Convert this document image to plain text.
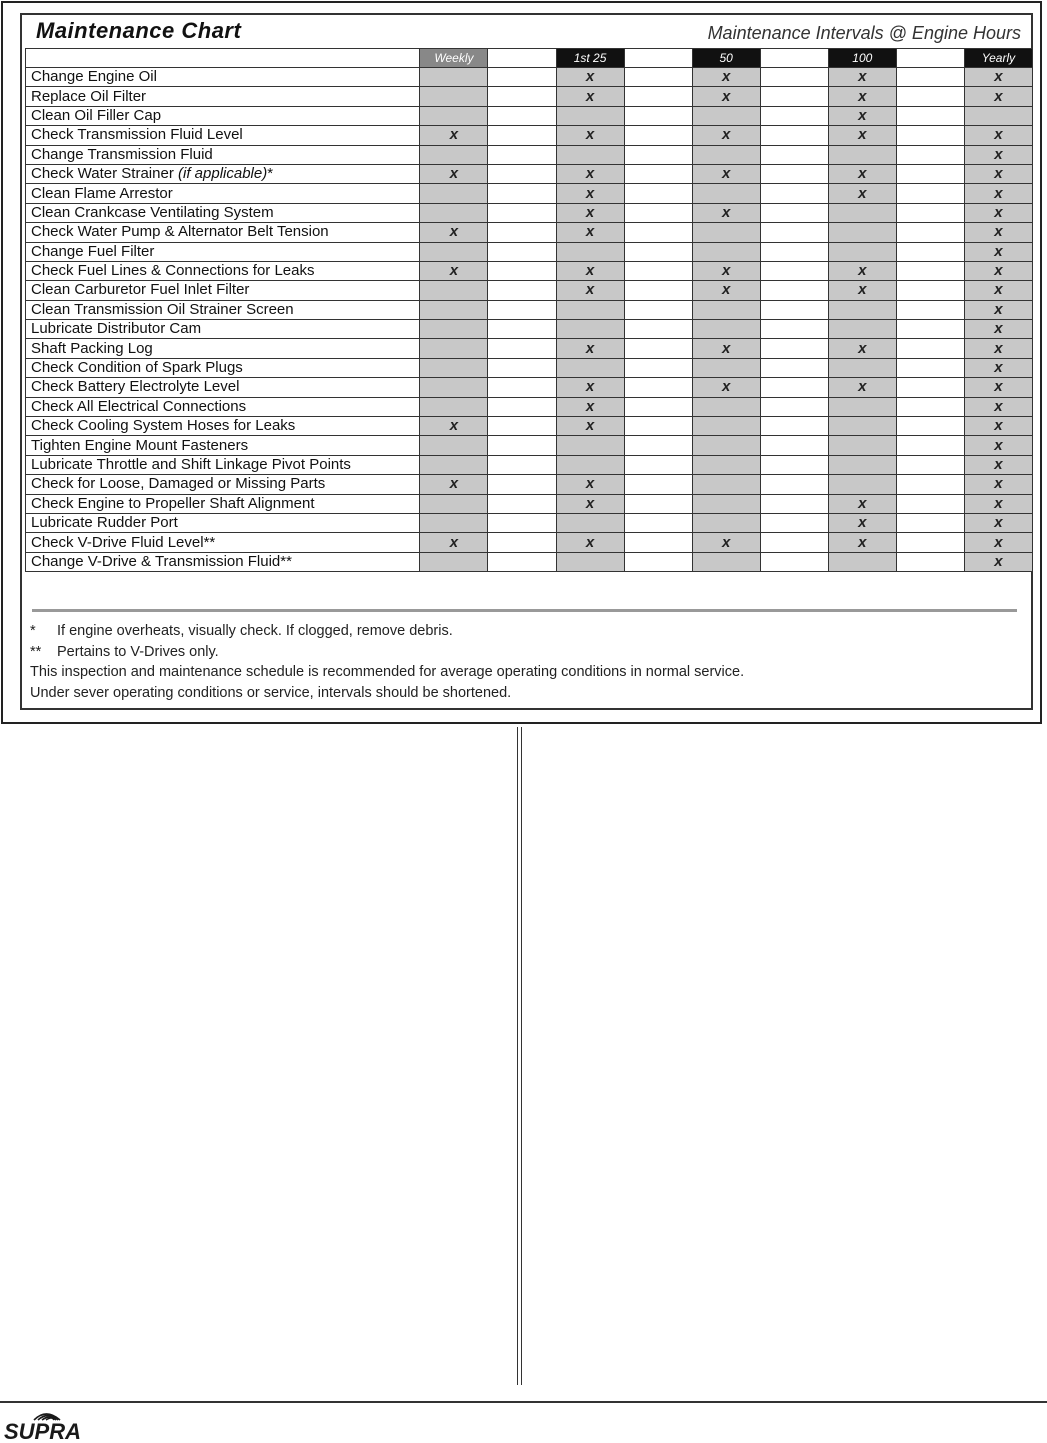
Maintenance Chart	Maintenance Intervals @ Engine Hours
	Weekly		1st 25		50		100		Yearly
Change Engine Oil			x		x		x		x
Replace Oil Filter			x		x		x		x
Clean Oil Filler Cap							x		
Check Transmission Fluid Level	x		x		x		x		x
Change Transmission Fluid									x
Check Water Strainer (if applicable)*	x		x		x		x		x
Clean Flame Arrestor			x				x		x
Clean Crankcase Ventilating System			x		x				x
Check Water Pump & Alternator Belt Tension	x		x						x
Change Fuel Filter									x
Check Fuel Lines & Connections for Leaks	x		x		x		x		x
Clean Carburetor Fuel Inlet Filter			x		x		x		x
Clean Transmission Oil Strainer Screen									x
Lubricate Distributor Cam									x
Shaft Packing Log			x		x		x		x
Check Condition of Spark Plugs									x
Check Battery Electrolyte Level			x		x		x		x
Check All Electrical Connections			x						x
Check Cooling System Hoses for Leaks	x		x						x
Tighten Engine Mount Fasteners									x
Lubricate Throttle and Shift Linkage Pivot Points									x
Check for Loose, Damaged or Missing Parts	x		x						x
Check Engine to Propeller Shaft Alignment			x				x		x
Lubricate Rudder Port							x		x
Check V-Drive Fluid Level**	x		x		x		x		x
Change V-Drive & Transmission Fluid**									x
* If engine overheats, visually check. If clogged, remove debris.
** Pertains to V-Drives only.
This inspection and maintenance schedule is recommended for average operating conditions in normal service.
Under sever operating conditions or service, intervals should be shortened.
SUPRA
